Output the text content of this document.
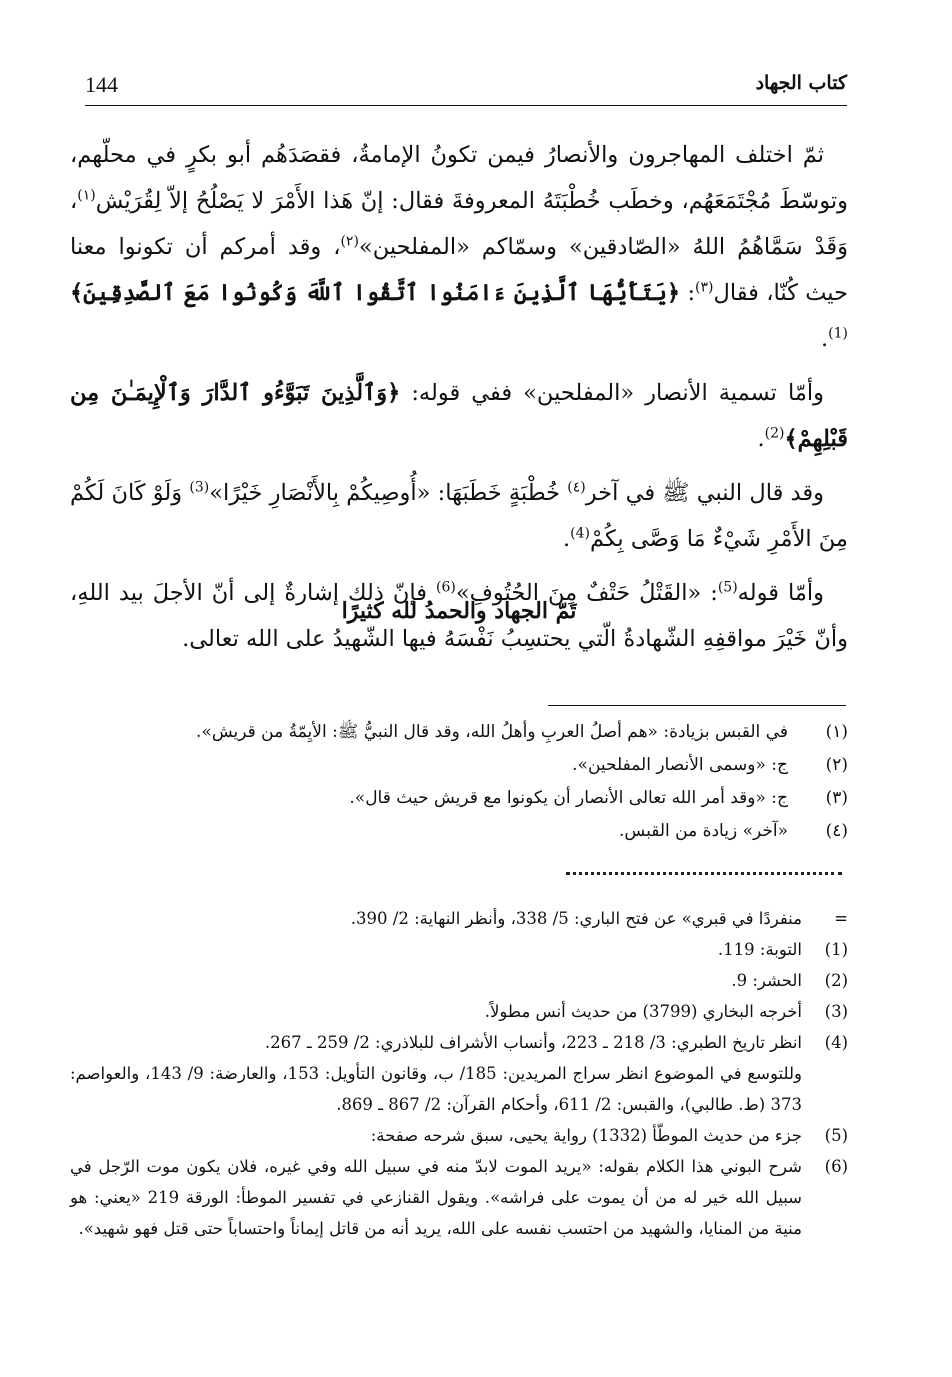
144	كتاب الجهاد

ثمّ اختلف المهاجرون والأنصارُ فيمن تكونُ الإمامةُ، فقصَدَهُم أبو بكرٍ في محلّهم، وتوسّطَ مُجْتَمَعَهُم، وخطَب خُطْبَتَهُ المعروفةَ فقال: إنّ هَذا الأَمْرَ لا يَصْلُحُ إلاّ لِقُرَيْش$^{(١)}$، وَقَدْ سَمَّاهُمُ اللهُ «الصّادقين» وسمّاكم «المفلحين»$^{(٢)}$، وقد أمركم أن تكونوا معنا حيث كُنّا، فقال$^{(٣)}$: ﴿يَتَأَيُّهَا ٱلَّذِينَ ءَامَنُوا ٱتَّقُوا ٱللَّهَ وَكُونُوا مَعَ ٱلصَّدِقِينَ﴾$^{(1)}$.

وأمّا تسمية الأنصار «المفلحين» ففي قوله: ﴿وَٱلَّذِينَ تَبَوَّءُو ٱلدَّارَ وَٱلْإِيمَـٰنَ مِن قَبْلِهِمْ﴾$^{(2)}$.

وقد قال النبي ﷺ في آخر$^{(٤)}$ خُطْبَةٍ خَطَبَهَا: «أُوصِيكُمْ بِالأَنْصَارِ خَيْرًا»$^{(3)}$ وَلَوْ كَانَ لَكُمْ مِنَ الأَمْرِ شَيْءٌ مَا وَصَّى بِكُمْ$^{(4)}$.

وأمّا قوله$^{(5)}$: «القَتْلُ حَتْفٌ مِنَ الحُتُوفِ»$^{(6)}$ فإنّ ذلك إشارةٌ إلى أنّ الأجلَ بيد اللهِ، وأنّ خَيْرَ مواقفِهِ الشّهادةُ الّتي يحتسِبُ نَفْسَهُ فيها الشّهيدُ على الله تعالى.

تَمّ الجهاد والحمدُ لله كثيرًا
(١)
في القبس بزيادة: «هم أصلُ العربِ وأهلُ الله، وقد قال النبيُّ ﷺ: الأيِمّةُ من قريش».
(٢)
ج: «وسمى الأنصار المفلحين».
(٣)
ج: «وقد أمر الله تعالى الأنصار أن يكونوا مع قريش حيث قال».
(٤)
«آخر» زيادة من القبس.
=
منفردًا في قبري» عن فتح الباري: 5/ 338، وأنظر النهاية: 2/ 390.
(1)
التوبة: 119.
(2)
الحشر: 9.
(3)
أخرجه البخاري (3799) من حديث أنس مطولاً.
(4)
انظر تاريخ الطبري: 3/ 218 ـ 223، وأنساب الأشراف للبلاذري: 2/ 259 ـ 267.
وللتوسع في الموضوع انظر سراج المريدين: 185/ ب، وقانون التأويل: 153، والعارضة: 9/ 143، والعواصم: 373 (ط. طالبي)، والقبس: 2/ 611، وأحكام القرآن: 2/ 867 ـ 869.
(5)
جزء من حديث الموطّأ (1332) رواية يحيى، سبق شرحه صفحة:
(6)
شرح البوني هذا الكلام بقوله: «يريد الموت لابدّ منه في سبيل الله وفي غيره، فلان يكون موت الرّجل في سبيل الله خير له من أن يموت على فراشه». ويقول القنازعي في تفسير الموطأ: الورقة 219 «يعني: هو منية من المنايا، والشهيد من احتسب نفسه على الله، يريد أنه من قاتل إيماناً واحتساباً حتى قتل فهو شهيد».
